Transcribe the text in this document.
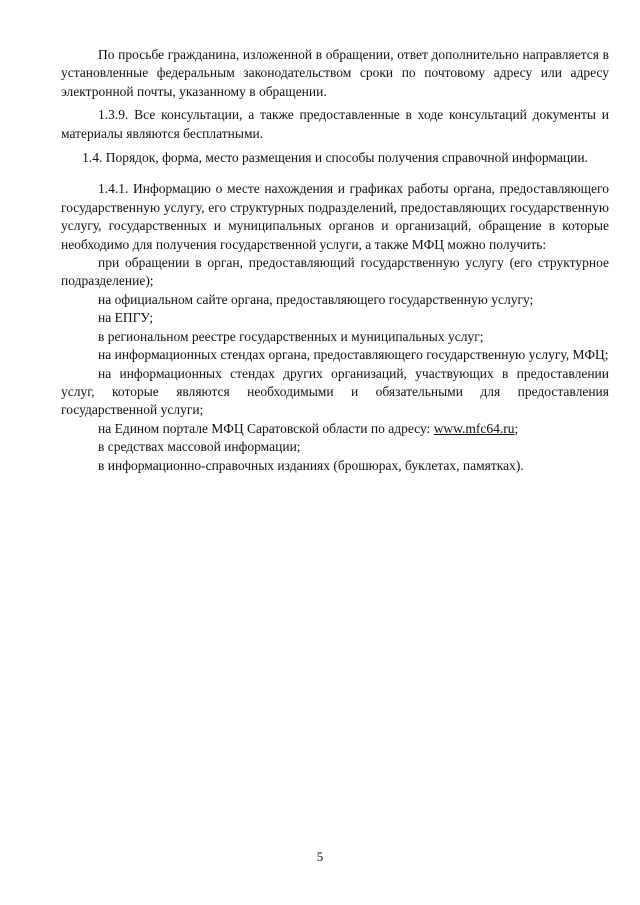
По просьбе гражданина, изложенной в обращении, ответ дополнительно направляется в установленные федеральным законодательством сроки по почтовому адресу или адресу электронной почты, указанному в обращении.

1.3.9. Все консультации, а также предоставленные в ходе консультаций документы и материалы являются бесплатными.

1.4. Порядок, форма, место размещения и способы получения справочной информации.

1.4.1. Информацию о месте нахождения и графиках работы органа, предоставляющего государственную услугу, его структурных подразделений, предоставляющих государственную услугу, государственных и муниципальных органов и организаций, обращение в которые необходимо для получения государственной услуги, а также МФЦ можно получить:

при обращении в орган, предоставляющий государственную услугу (его структурное подразделение);
на официальном сайте органа, предоставляющего государственную услугу;
на ЕПГУ;
в региональном реестре государственных и муниципальных услуг;
на информационных стендах органа, предоставляющего государственную услугу, МФЦ;
на информационных стендах других организаций, участвующих в предоставлении услуг, которые являются необходимыми и обязательными для предоставления государственной услуги;
на Едином портале МФЦ Саратовской области по адресу: www.mfc64.ru;
в средствах массовой информации;
в информационно-справочных изданиях (брошюрах, буклетах, памятках).
5
